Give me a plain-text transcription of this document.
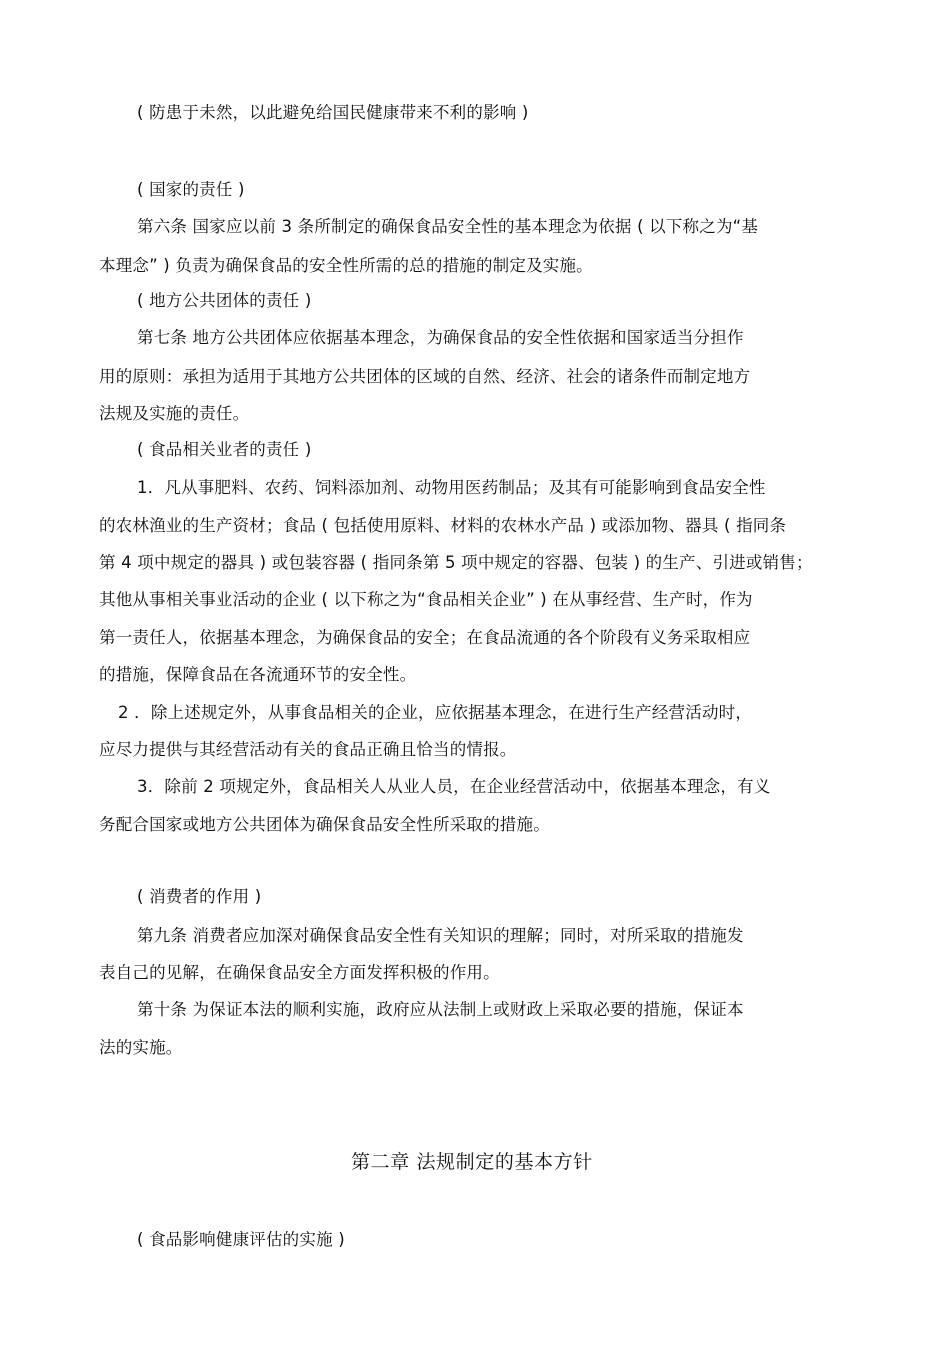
( 防患于未然，以此避免给国民健康带来不利的影响 )
( 国家的责任 )
第六条 国家应以前 3 条所制定的确保食品安全性的基本理念为依据 ( 以下称之为“基
本理念” ) 负责为确保食品的安全性所需的总的措施的制定及实施。
( 地方公共团体的责任 )
第七条 地方公共团体应依据基本理念，为确保食品的安全性依据和国家适当分担作
用的原则：承担为适用于其地方公共团体的区域的自然、经济、社会的诸条件而制定地方
法规及实施的责任。
( 食品相关业者的责任 )
1．凡从事肥料、农药、饲料添加剂、动物用医药制品；及其有可能影响到食品安全性
的农林渔业的生产资材；食品 ( 包括使用原料、材料的农林水产品 ) 或添加物、器具 ( 指同条
第 4 项中规定的器具 ) 或包装容器 ( 指同条第 5 项中规定的容器、包装 ) 的生产、引进或销售；
其他从事相关事业活动的企业 ( 以下称之为“食品相关企业” ) 在从事经营、生产时，作为
第一责任人，依据基本理念，为确保食品的安全；在食品流通的各个阶段有义务采取相应
的措施，保障食品在各流通环节的安全性。
2 ．除上述规定外，从事食品相关的企业，应依据基本理念，在进行生产经营活动时，
应尽力提供与其经营活动有关的食品正确且恰当的情报。
3．除前 2 项规定外，食品相关人从业人员，在企业经营活动中，依据基本理念，有义
务配合国家或地方公共团体为确保食品安全性所采取的措施。
( 消费者的作用 )
第九条 消费者应加深对确保食品安全性有关知识的理解；同时，对所采取的措施发
表自己的见解，在确保食品安全方面发挥积极的作用。
第十条 为保证本法的顺利实施，政府应从法制上或财政上采取必要的措施，保证本
法的实施。
第二章 法规制定的基本方针
( 食品影响健康评估的实施 )
